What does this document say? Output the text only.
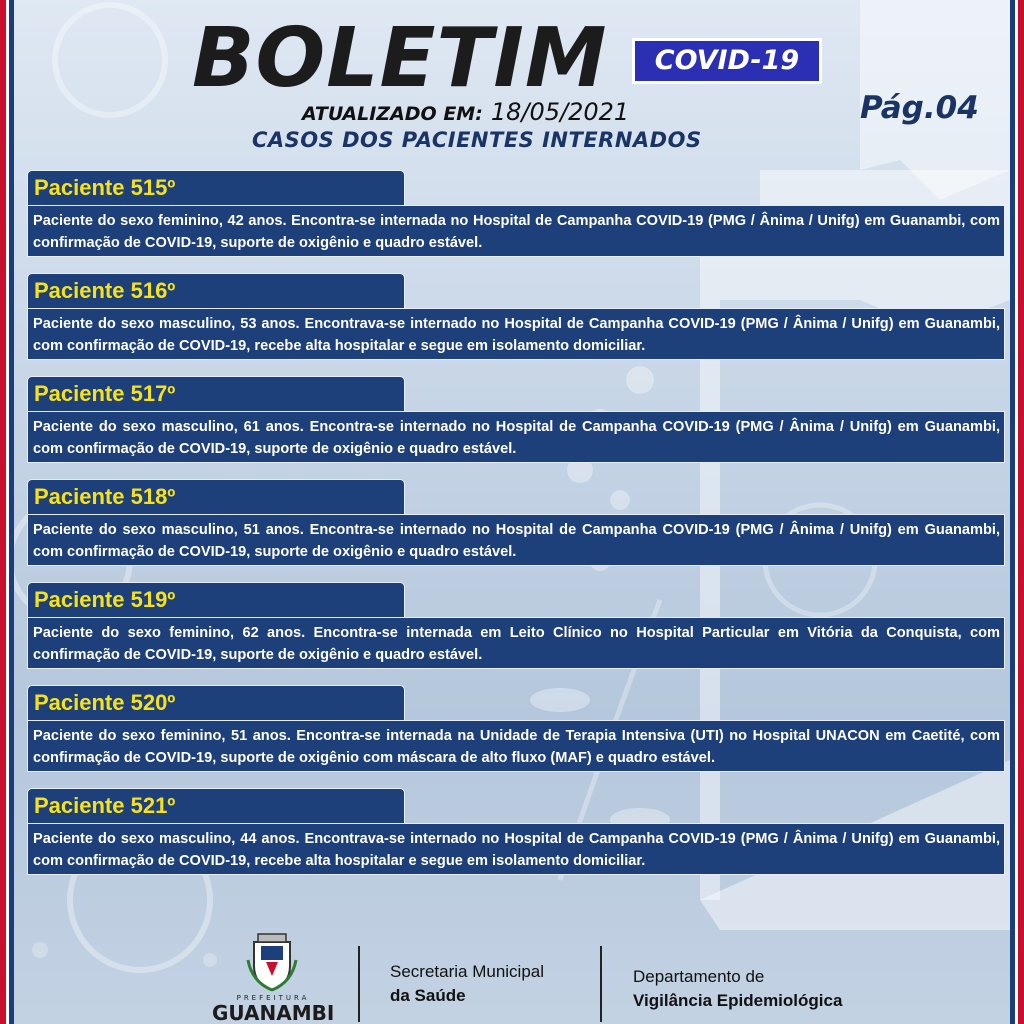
BOLETIM	COVID-19
ATUALIZADO EM: 18/05/2021	Pág.04
CASOS DOS PACIENTES INTERNADOS
Paciente 515º
Paciente do sexo feminino, 42 anos. Encontra-se internada no Hospital de Campanha COVID-19 (PMG / Ânima / Unifg) em Guanambi, com confirmação de COVID-19, suporte de oxigênio e quadro estável.
Paciente 516º
Paciente do sexo masculino, 53 anos. Encontrava-se internado no Hospital de Campanha COVID-19 (PMG / Ânima / Unifg) em Guanambi, com confirmação de COVID-19, recebe alta hospitalar e segue em isolamento domiciliar.
Paciente 517º
Paciente do sexo masculino, 61 anos. Encontra-se internado no Hospital de Campanha COVID-19 (PMG / Ânima / Unifg) em Guanambi, com confirmação de COVID-19, suporte de oxigênio e quadro estável.
Paciente 518º
Paciente do sexo masculino, 51 anos. Encontra-se internado no Hospital de Campanha COVID-19 (PMG / Ânima / Unifg) em Guanambi, com confirmação de COVID-19, suporte de oxigênio e quadro estável.
Paciente 519º
Paciente do sexo feminino, 62 anos. Encontra-se internada em Leito Clínico no Hospital Particular em Vitória da Conquista, com confirmação de COVID-19, suporte de oxigênio e quadro estável.
Paciente 520º
Paciente do sexo feminino, 51 anos. Encontra-se internada na Unidade de Terapia Intensiva (UTI) no Hospital UNACON em Caetité, com confirmação de COVID-19, suporte de oxigênio com máscara de alto fluxo (MAF) e quadro estável.
Paciente 521º
Paciente do sexo masculino, 44 anos. Encontrava-se internado no Hospital de Campanha COVID-19 (PMG / Ânima / Unifg) em Guanambi, com confirmação de COVID-19, recebe alta hospitalar e segue em isolamento domiciliar.
PREFEITURA
GUANAMBI
Secretaria Municipal
da Saúde
Departamento de
Vigilância Epidemiológica
